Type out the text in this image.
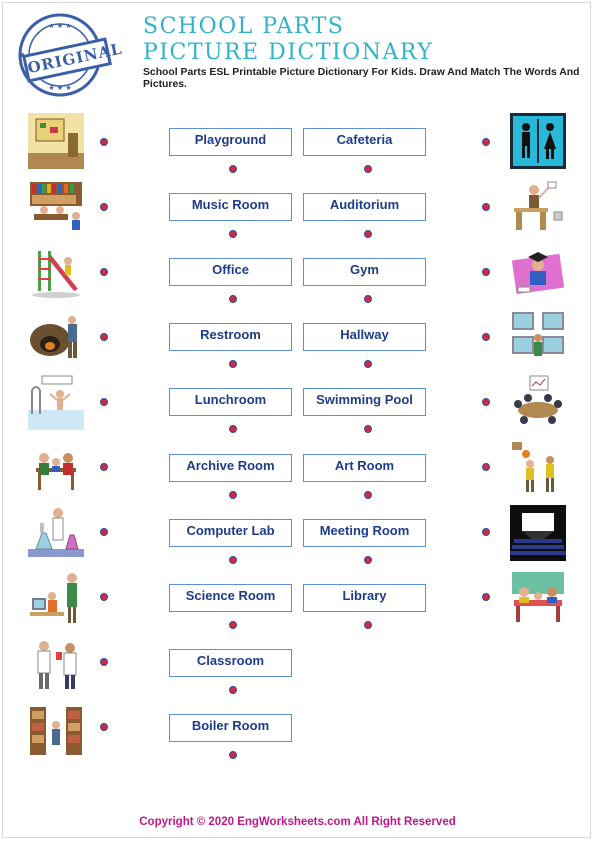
★ ★ ★
★ ★ ★
ORIGINAL
SCHOOL PARTS
PICTURE DICTIONARY

School Parts ESL Printable Picture Dictionary For Kids. Draw And Match The Words And Pictures.

Playground
Music Room
Office
Restroom
Lunchroom
Archive Room
Computer Lab
Science Room
Classroom
Boiler Room
Cafeteria
Auditorium
Gym
Hallway
Swimming Pool
Art Room
Meeting Room
Library
Copyright © 2020 EngWorksheets.com All Right Reserved
